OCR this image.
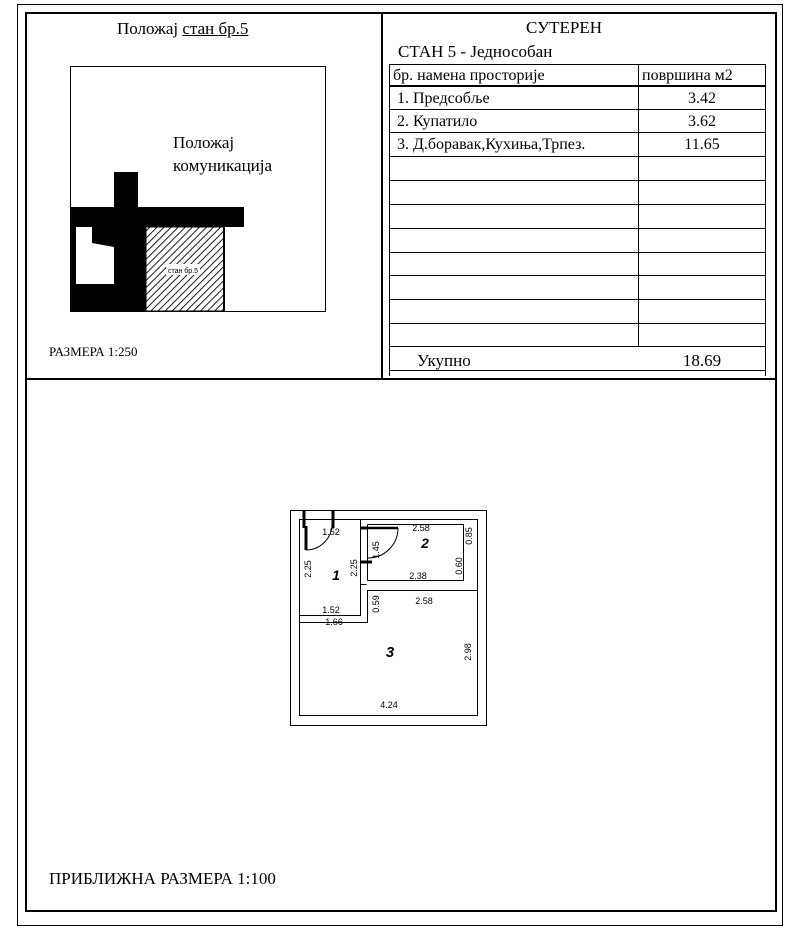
Положај стан бр.5
стан бр.5
Положај
комуникација
РАЗМЕРА 1:250
СУТЕРЕН
СТАН 5 - Једнособан
бр. намена просторије	површина м2
1. Предсобље	3.42
2. Купатило	3.62
3. Д.боравак,Кухиња,Трпез.	11.65
Укупно	18.69
1
2
3
1.52	2.58
1.45
0.85
2.25	2.25	0.60
2.38
0.59	2.58
1.52
1.66
2.98
4.24
ПРИБЛИЖНА РАЗМЕРА 1:100
